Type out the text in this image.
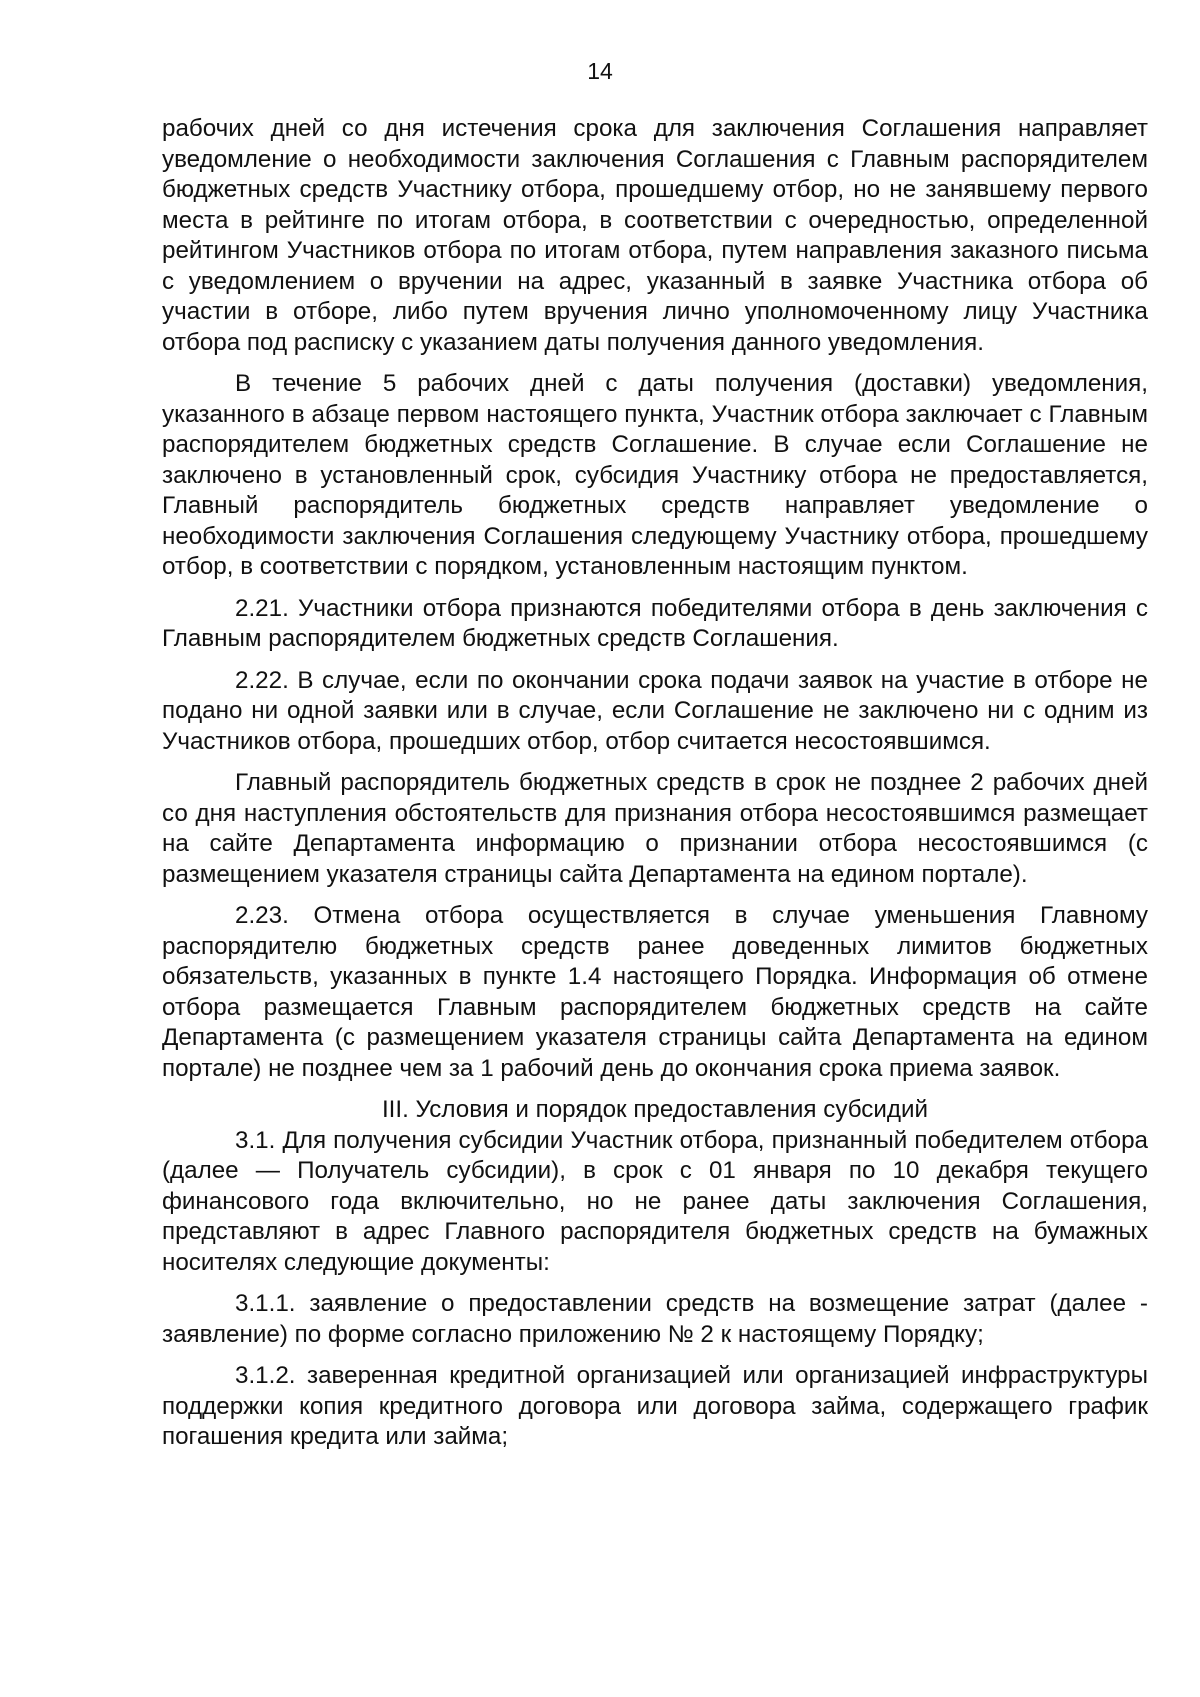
14

рабочих дней со дня истечения срока для заключения Соглашения направляет уведомление о необходимости заключения Соглашения с Главным распорядителем бюджетных средств Участнику отбора, прошедшему отбор, но не занявшему первого места в рейтинге по итогам отбора, в соответствии с очередностью, определенной рейтингом Участников отбора по итогам отбора, путем направления заказного письма с уведомлением о вручении на адрес, указанный в заявке Участника отбора об участии в отборе, либо путем вручения лично уполномоченному лицу Участника отбора под расписку с указанием даты получения данного уведомления.

В течение 5 рабочих дней с даты получения (доставки) уведомления, указанного в абзаце первом настоящего пункта, Участник отбора заключает с Главным распорядителем бюджетных средств Соглашение. В случае если Соглашение не заключено в установленный срок, субсидия Участнику отбора не предоставляется, Главный распорядитель бюджетных средств направляет уведомление о необходимости заключения Соглашения следующему Участнику отбора, прошедшему отбор, в соответствии с порядком, установленным настоящим пунктом.

2.21. Участники отбора признаются победителями отбора в день заключения с Главным распорядителем бюджетных средств Соглашения.

2.22. В случае, если по окончании срока подачи заявок на участие в отборе не подано ни одной заявки или в случае, если Соглашение не заключено ни с одним из Участников отбора, прошедших отбор, отбор считается несостоявшимся.

Главный распорядитель бюджетных средств в срок не позднее 2 рабочих дней со дня наступления обстоятельств для признания отбора несостоявшимся размещает на сайте Департамента информацию о признании отбора несостоявшимся (с размещением указателя страницы сайта Департамента на едином портале).

2.23. Отмена отбора осуществляется в случае уменьшения Главному распорядителю бюджетных средств ранее доведенных лимитов бюджетных обязательств, указанных в пункте 1.4 настоящего Порядка. Информация об отмене отбора размещается Главным распорядителем бюджетных средств на сайте Департамента (с размещением указателя страницы сайта Департамента на едином портале) не позднее чем за 1 рабочий день до окончания срока приема заявок.

III. Условия и порядок предоставления субсидий

3.1. Для получения субсидии Участник отбора, признанный победителем отбора (далее — Получатель субсидии), в срок с 01 января по 10 декабря текущего финансового года включительно, но не ранее даты заключения Соглашения, представляют в адрес Главного распорядителя бюджетных средств на бумажных носителях следующие документы:

3.1.1. заявление о предоставлении средств на возмещение затрат (далее - заявление) по форме согласно приложению № 2 к настоящему Порядку;

3.1.2. заверенная кредитной организацией или организацией инфраструктуры поддержки копия кредитного договора или договора займа, содержащего график погашения кредита или займа;
